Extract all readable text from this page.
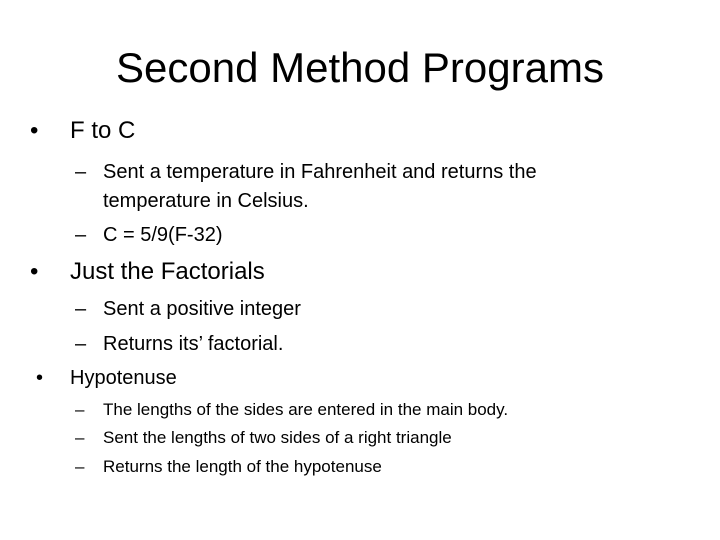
Second Method Programs
• F to C
– Sent a temperature in Fahrenheit and returns the
temperature in Celsius.
– C = 5/9(F-32)
• Just the Factorials
– Sent a positive integer
– Returns its’ factorial.
• Hypotenuse
– The lengths of the sides are entered in the main body.
– Sent the lengths of two sides of a right triangle
– Returns the length of the hypotenuse
